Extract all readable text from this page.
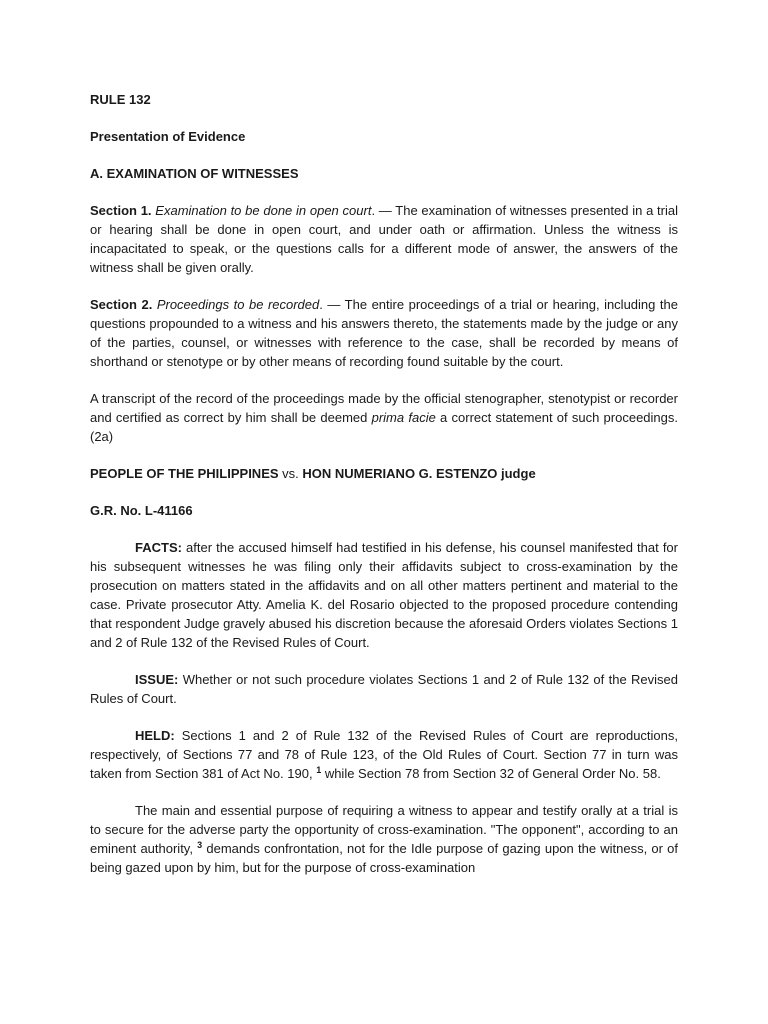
RULE 132
Presentation of Evidence
A. EXAMINATION OF WITNESSES

Section 1. Examination to be done in open court. — The examination of witnesses presented in a trial or hearing shall be done in open court, and under oath or affirmation. Unless the witness is incapacitated to speak, or the questions calls for a different mode of answer, the answers of the witness shall be given orally.

Section 2. Proceedings to be recorded. — The entire proceedings of a trial or hearing, including the questions propounded to a witness and his answers thereto, the statements made by the judge or any of the parties, counsel, or witnesses with reference to the case, shall be recorded by means of shorthand or stenotype or by other means of recording found suitable by the court.

A transcript of the record of the proceedings made by the official stenographer, stenotypist or recorder and certified as correct by him shall be deemed prima facie a correct statement of such proceedings. (2a)

PEOPLE OF THE PHILIPPINES vs. HON NUMERIANO G. ESTENZO judge
G.R. No. L-41166

FACTS: after the accused himself had testified in his defense, his counsel manifested that for his subsequent witnesses he was filing only their affidavits subject to cross-examination by the prosecution on matters stated in the affidavits and on all other matters pertinent and material to the case. Private prosecutor Atty. Amelia K. del Rosario objected to the proposed procedure contending that respondent Judge gravely abused his discretion because the aforesaid Orders violates Sections 1 and 2 of Rule 132 of the Revised Rules of Court.

ISSUE: Whether or not such procedure violates Sections 1 and 2 of Rule 132 of the Revised Rules of Court.

HELD: Sections 1 and 2 of Rule 132 of the Revised Rules of Court are reproductions, respectively, of Sections 77 and 78 of Rule 123, of the Old Rules of Court. Section 77 in turn was taken from Section 381 of Act No. 190, $^1$ while Section 78 from Section 32 of General Order No. 58.

The main and essential purpose of requiring a witness to appear and testify orally at a trial is to secure for the adverse party the opportunity of cross-examination. "The opponent", according to an eminent authority, $^3$ demands confrontation, not for the Idle purpose of gazing upon the witness, or of being gazed upon by him, but for the purpose of cross-examination
